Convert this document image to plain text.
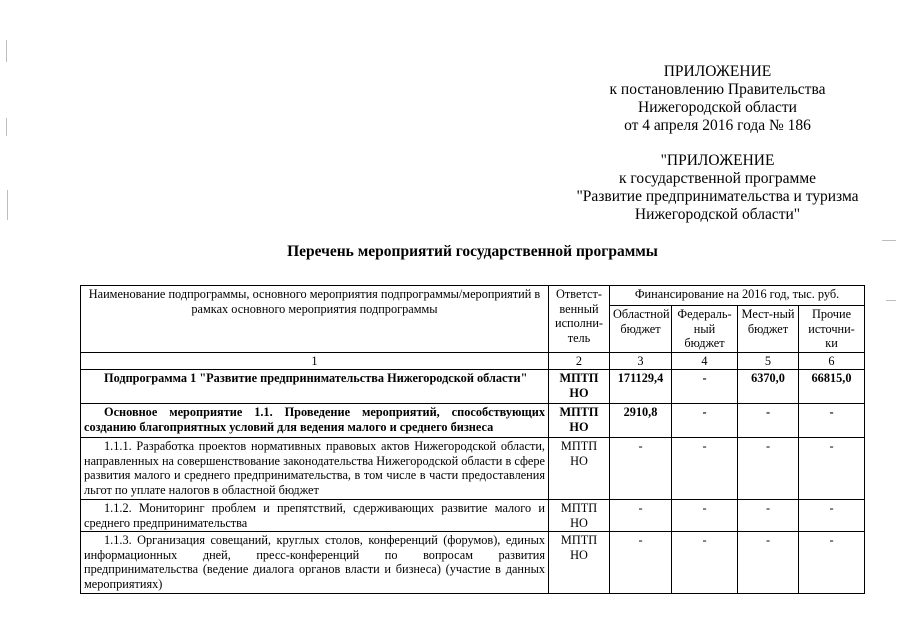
ПРИЛОЖЕНИЕ
к постановлению Правительства
Нижегородской области
от 4 апреля 2016 года № 186
"ПРИЛОЖЕНИЕ
к государственной программе
"Развитие предпринимательства и туризма
Нижегородской области"
Перечень мероприятий государственной программы
Наименование подпрограммы, основного мероприятия подпрограммы/мероприятий в рамках основного мероприятия подпрограммы	Ответст-венный исполни-тель	Финансирование на 2016 год, тыс. руб.			
		Областной бюджет	Федераль-ный бюджет	Мест-ный бюджет	Прочие источни-ки
1	2	3	4	5	6
Подпрограмма 1 "Развитие предпринимательства Нижегородской области"	МПТП НО	171129,4	-	6370,0	66815,0
Основное мероприятие 1.1. Проведение мероприятий, способствующих созданию благоприятных условий для ведения малого и среднего бизнеса	МПТП НО	2910,8	-	-	-
1.1.1. Разработка проектов нормативных правовых актов Нижегородской области, направленных на совершенствование законодательства Нижегородской области в сфере развития малого и среднего предпринимательства, в том числе в части предоставления льгот по уплате налогов в областной бюджет	МПТП НО	-	-	-	-
1.1.2. Мониторинг проблем и препятствий, сдерживающих развитие малого и среднего предпринимательства	МПТП НО	-	-	-	-
1.1.3. Организация совещаний, круглых столов, конференций (форумов), единых информационных дней, пресс-конференций по вопросам развития предпринимательства (ведение диалога органов власти и бизнеса) (участие в данных мероприятиях)	МПТП НО	-	-	-	-
